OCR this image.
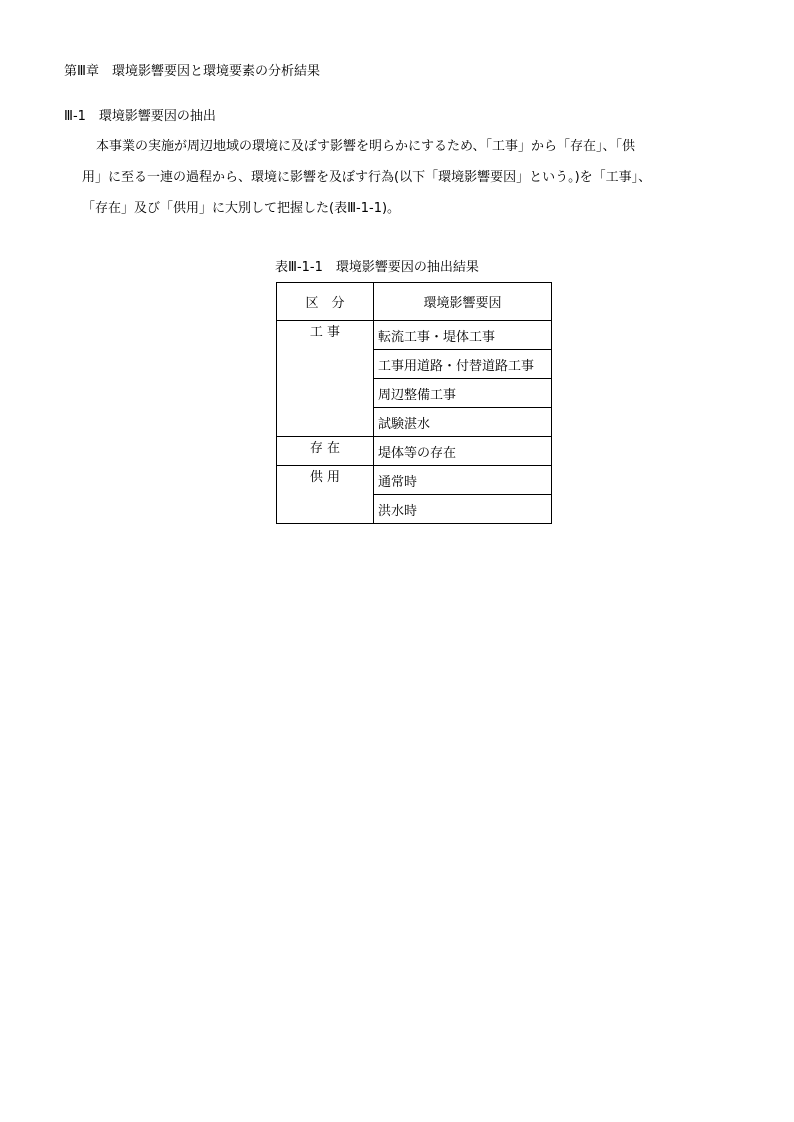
第Ⅲ章　環境影響要因と環境要素の分析結果
Ⅲ-1　環境影響要因の抽出
本事業の実施が周辺地域の環境に及ぼす影響を明らかにするため、「工事」から「存在」、「供
用」に至る一連の過程から、環境に影響を及ぼす行為(以下「環境影響要因」という。)を「工事」、
「存在」及び「供用」に大別して把握した(表Ⅲ-1-1)。
表Ⅲ-1-1　環境影響要因の抽出結果
区　分	環境影響要因
工 事	転流工事・堤体工事
	工事用道路・付替道路工事
	周辺整備工事
	試験湛水
存 在	堤体等の存在
供 用	通常時
	洪水時
